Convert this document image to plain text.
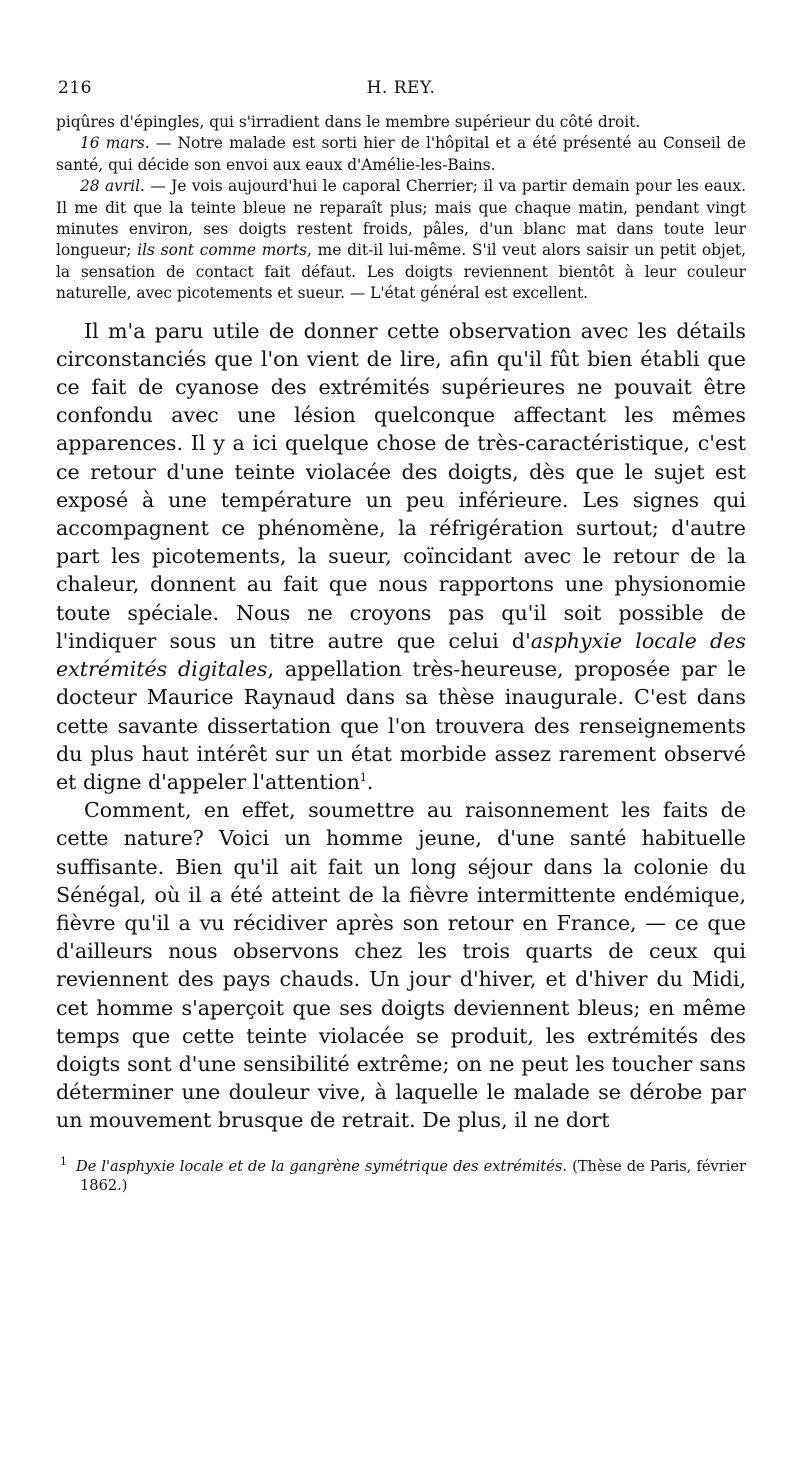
216	H. REY.

piqûres d'épingles, qui s'irradient dans le membre supérieur du côté droit.

16 mars. — Notre malade est sorti hier de l'hôpital et a été présenté au Conseil de santé, qui décide son envoi aux eaux d'Amélie-les-Bains.

28 avril. — Je vois aujourd'hui le caporal Cherrier; il va partir demain pour les eaux. Il me dit que la teinte bleue ne reparaît plus; mais que chaque matin, pendant vingt minutes environ, ses doigts restent froids, pâles, d'un blanc mat dans toute leur longueur; ils sont comme morts, me dit-il lui-même. S'il veut alors saisir un petit objet, la sensation de contact fait défaut. Les doigts reviennent bientôt à leur couleur naturelle, avec picotements et sueur. — L'état général est excellent.

Il m'a paru utile de donner cette observation avec les détails circonstanciés que l'on vient de lire, afin qu'il fût bien établi que ce fait de cyanose des extrémités supérieures ne pouvait être confondu avec une lésion quelconque affectant les mêmes apparences. Il y a ici quelque chose de très-caractéristique, c'est ce retour d'une teinte violacée des doigts, dès que le sujet est exposé à une température un peu inférieure. Les signes qui accompagnent ce phénomène, la réfrigération surtout; d'autre part les picotements, la sueur, coïncidant avec le retour de la chaleur, donnent au fait que nous rapportons une physionomie toute spéciale. Nous ne croyons pas qu'il soit possible de l'indiquer sous un titre autre que celui d'asphyxie locale des extrémités digitales, appellation très-heureuse, proposée par le docteur Maurice Raynaud dans sa thèse inaugurale. C'est dans cette savante dissertation que l'on trouvera des renseignements du plus haut intérêt sur un état morbide assez rarement observé et digne d'appeler l'attention$^1$.

Comment, en effet, soumettre au raisonnement les faits de cette nature? Voici un homme jeune, d'une santé habituelle suffisante. Bien qu'il ait fait un long séjour dans la colonie du Sénégal, où il a été atteint de la fièvre intermittente endémique, fièvre qu'il a vu récidiver après son retour en France, — ce que d'ailleurs nous observons chez les trois quarts de ceux qui reviennent des pays chauds. Un jour d'hiver, et d'hiver du Midi, cet homme s'aperçoit que ses doigts deviennent bleus; en même temps que cette teinte violacée se produit, les extrémités des doigts sont d'une sensibilité extrême; on ne peut les toucher sans déterminer une douleur vive, à laquelle le malade se dérobe par un mouvement brusque de retrait. De plus, il ne dort

$^1$ De l'asphyxie locale et de la gangrène symétrique des extrémités. (Thèse de Paris, février 1862.)
